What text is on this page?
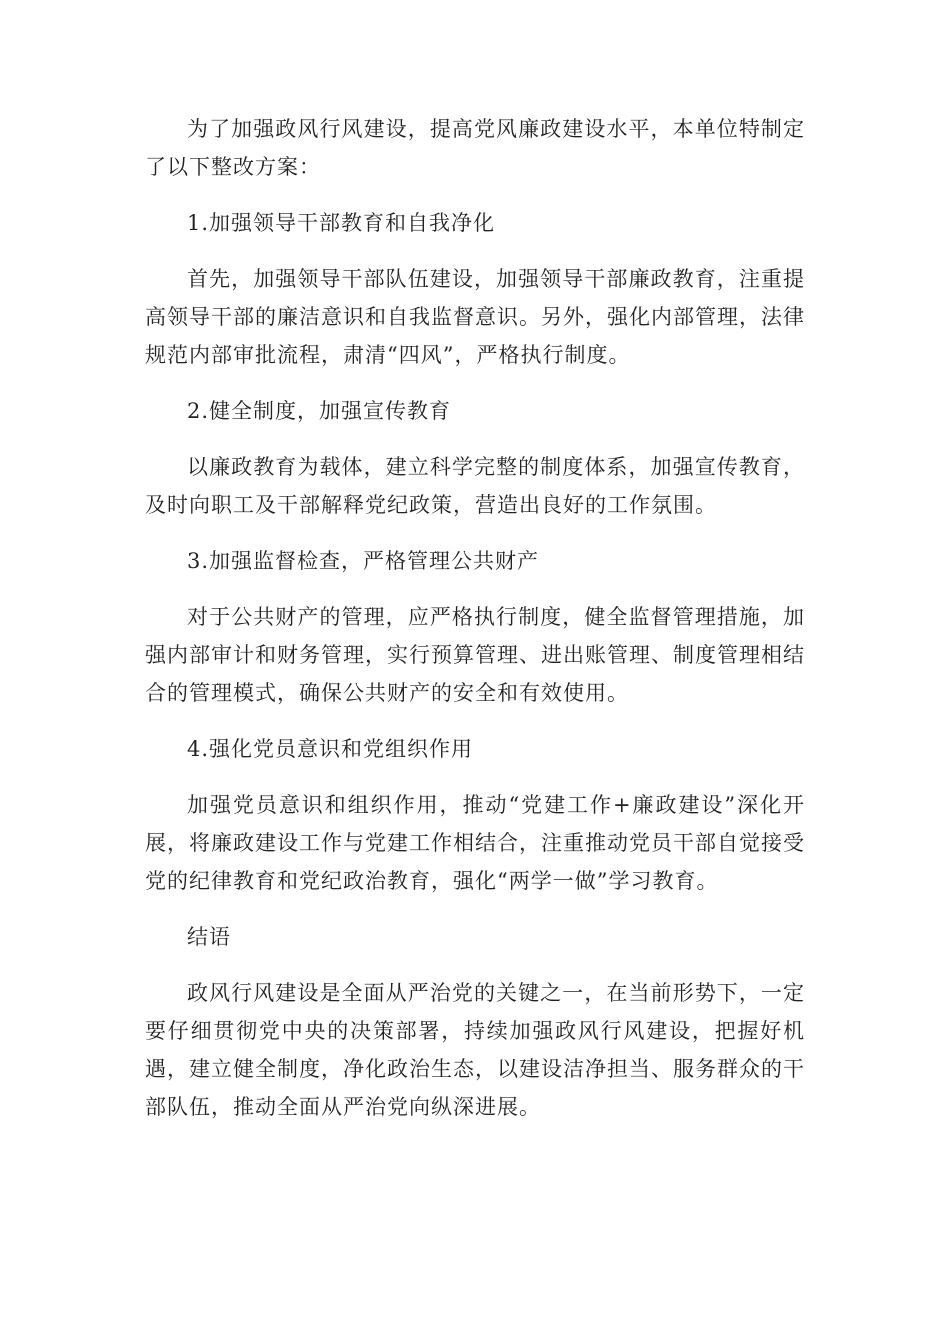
为了加强政风行风建设，提高党风廉政建设水平，本单位特制定了以下整改方案：

1.加强领导干部教育和自我净化

首先，加强领导干部队伍建设，加强领导干部廉政教育，注重提高领导干部的廉洁意识和自我监督意识。另外，强化内部管理，法律规范内部审批流程，肃清“四风”，严格执行制度。

2.健全制度，加强宣传教育

以廉政教育为载体，建立科学完整的制度体系，加强宣传教育，及时向职工及干部解释党纪政策，营造出良好的工作氛围。

3.加强监督检查，严格管理公共财产

对于公共财产的管理，应严格执行制度，健全监督管理措施，加强内部审计和财务管理，实行预算管理、进出账管理、制度管理相结合的管理模式，确保公共财产的安全和有效使用。

4.强化党员意识和党组织作用

加强党员意识和组织作用，推动“党建工作+廉政建设”深化开展，将廉政建设工作与党建工作相结合，注重推动党员干部自觉接受党的纪律教育和党纪政治教育，强化“两学一做”学习教育。

结语

政风行风建设是全面从严治党的关键之一，在当前形势下，一定要仔细贯彻党中央的决策部署，持续加强政风行风建设，把握好机遇，建立健全制度，净化政治生态，以建设洁净担当、服务群众的干部队伍，推动全面从严治党向纵深进展。
